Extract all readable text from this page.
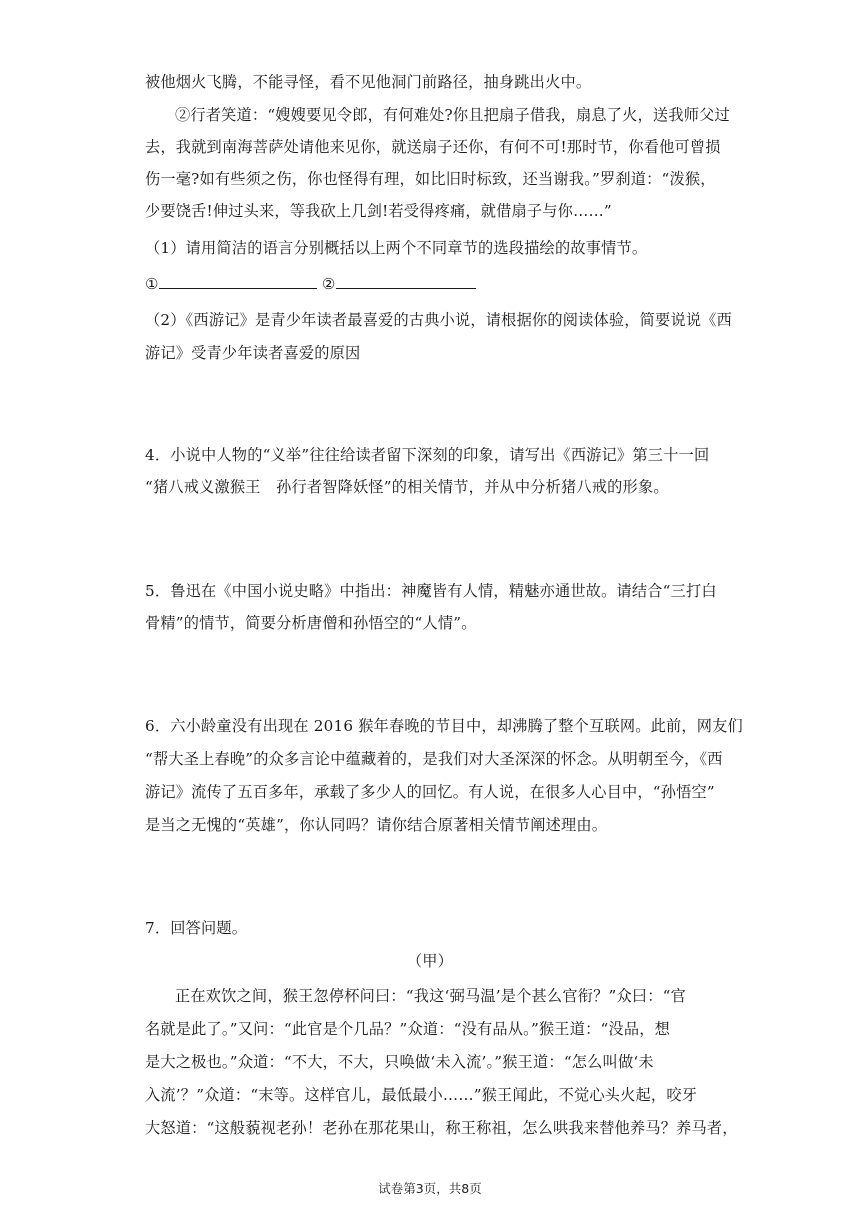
被他烟火飞腾，不能寻怪，看不见他洞门前路径，抽身跳出火中。
②行者笑道：“嫂嫂要见令郎，有何难处?你且把扇子借我，扇息了火，送我师父过
去，我就到南海菩萨处请他来见你，就送扇子还你，有何不可!那时节，你看他可曾损
伤一毫?如有些须之伤，你也怪得有理，如比旧时标致，还当谢我。”罗刹道：“泼猴，
少要饶舌!伸过头来，等我砍上几剑!若受得疼痛，就借扇子与你……”
（1）请用简洁的语言分别概括以上两个不同章节的选段描绘的故事情节。
①	②
（2）《西游记》是青少年读者最喜爱的古典小说，请根据你的阅读体验，简要说说《西
游记》受青少年读者喜爱的原因
4．小说中人物的“义举”往往给读者留下深刻的印象，请写出《西游记》第三十一回
“猪八戒义激猴王　孙行者智降妖怪”的相关情节，并从中分析猪八戒的形象。
5．鲁迅在《中国小说史略》中指出：神魔皆有人情，精魅亦通世故。请结合“三打白
骨精”的情节，简要分析唐僧和孙悟空的“人情”。
6．六小龄童没有出现在 2016 猴年春晚的节目中，却沸腾了整个互联网。此前，网友们
“帮大圣上春晚”的众多言论中蕴藏着的，是我们对大圣深深的怀念。从明朝至今，《西
游记》流传了五百多年，承载了多少人的回忆。有人说，在很多人心目中，“孙悟空”
是当之无愧的“英雄”，你认同吗？请你结合原著相关情节阐述理由。
7．回答问题。
（甲）
正在欢饮之间，猴王忽停杯问曰：“我这‘弼马温’是个甚么官衔？”众曰：“官
名就是此了。”又问：“此官是个几品？”众道：“没有品从。”猴王道：“没品，想
是大之极也。”众道：“不大，不大，只唤做‘未入流’。”猴王道：“怎么叫做‘未
入流’？”众道：“末等。这样官儿，最低最小……”猴王闻此，不觉心头火起，咬牙
大怒道：“这般藐视老孙！老孙在那花果山，称王称祖，怎么哄我来替他养马？养马者，
试卷第3页，共8页
